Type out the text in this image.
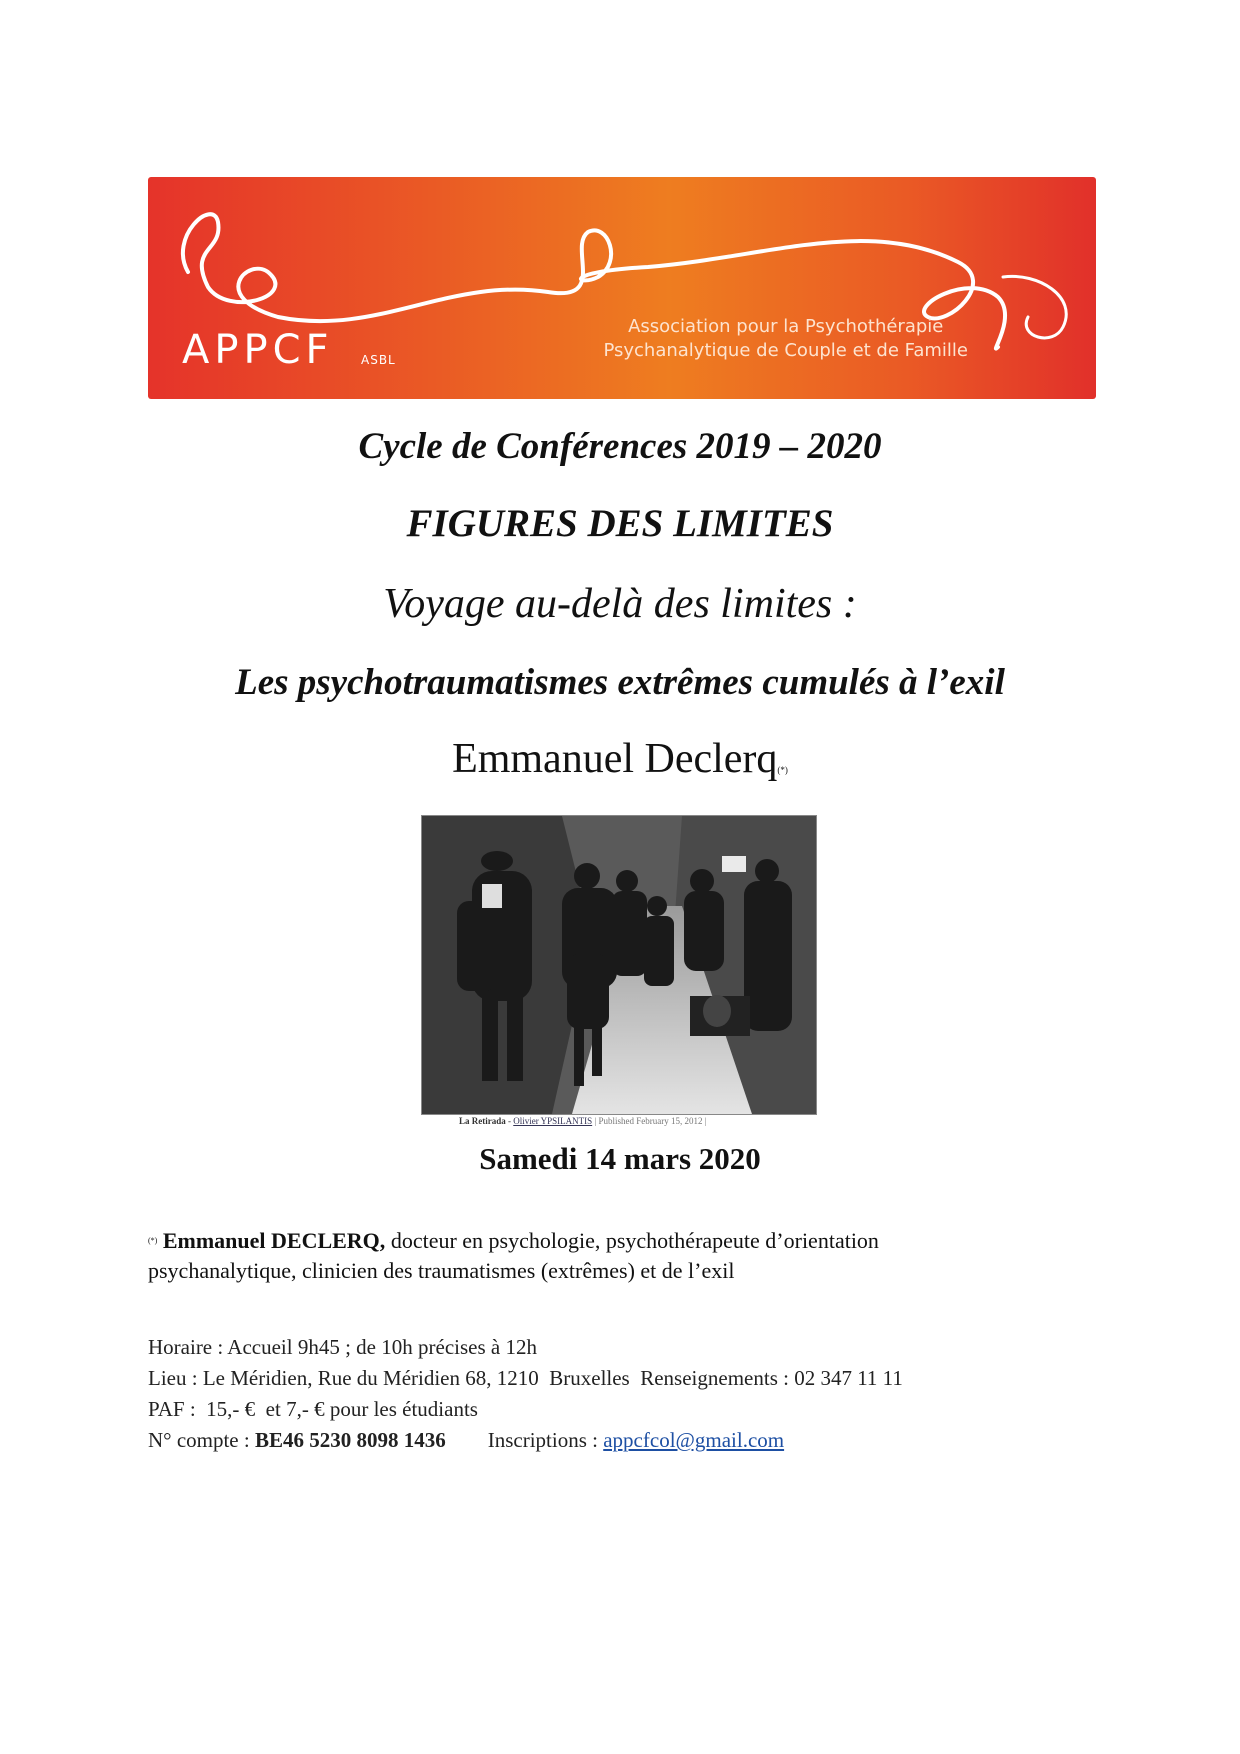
APPCF ASBL
Association pour la Psychothérapie
Psychanalytique de Couple et de Famille
Cycle de Conférences 2019 – 2020
FIGURES DES LIMITES
Voyage au-delà des limites :
Les psychotraumatismes extrêmes cumulés à l’exil
Emmanuel Declerq(*)
La Retirada - Olivier YPSILANTIS | Published February 15, 2012 |
Samedi 14 mars 2020
(*) Emmanuel DECLERQ, docteur en psychologie, psychothérapeute d’orientation
psychanalytique, clinicien des traumatismes (extrêmes) et de l’exil
Horaire : Accueil 9h45 ; de 10h précises à 12h
Lieu : Le Méridien, Rue du Méridien 68, 1210  Bruxelles  Renseignements : 02 347 11 11
PAF :  15,- €  et 7,- € pour les étudiants
N° compte : BE46 5230 8098 1436        Inscriptions : appcfcol@gmail.com
